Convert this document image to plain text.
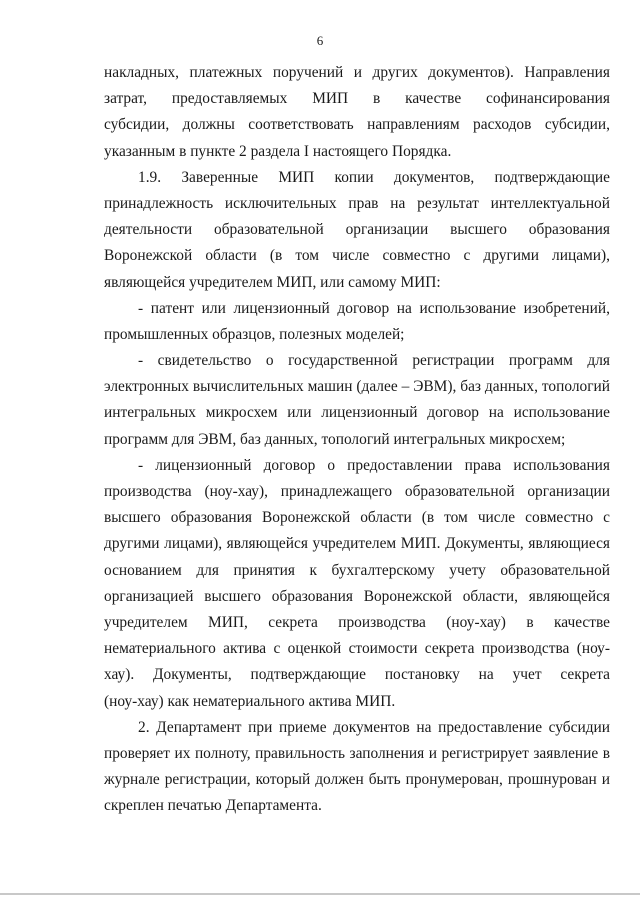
6
накладных, платежных поручений и других документов). Направления
затрат, предоставляемых МИП в качестве софинансирования
субсидии, должны соответствовать направлениям расходов субсидии,
указанным в пункте 2 раздела I настоящего Порядка.
1.9. Заверенные МИП копии документов, подтверждающие
принадлежность исключительных прав на результат интеллектуальной
деятельности образовательной организации высшего образования
Воронежской области (в том числе совместно с другими лицами),
являющейся учредителем МИП, или самому МИП:
- патент или лицензионный договор на использование изобретений,
промышленных образцов, полезных моделей;
- свидетельство о государственной регистрации программ для
электронных вычислительных машин (далее – ЭВМ), баз данных, топологий
интегральных микросхем или лицензионный договор на использование
программ для ЭВМ, баз данных, топологий интегральных микросхем;
- лицензионный договор о предоставлении права использования
производства (ноу-хау), принадлежащего образовательной организации
высшего образования Воронежской области (в том числе совместно с
другими лицами), являющейся учредителем МИП. Документы, являющиеся
основанием для принятия к бухгалтерскому учету образовательной
организацией высшего образования Воронежской области, являющейся
учредителем МИП, секрета производства (ноу-хау) в качестве
нематериального актива с оценкой стоимости секрета производства (ноу-
хау). Документы, подтверждающие постановку на учет секрета
(ноу-хау) как нематериального актива МИП.
2. Департамент при приеме документов на предоставление субсидии
проверяет их полноту, правильность заполнения и регистрирует заявление в
журнале регистрации, который должен быть пронумерован, прошнурован и
скреплен печатью Департамента.
